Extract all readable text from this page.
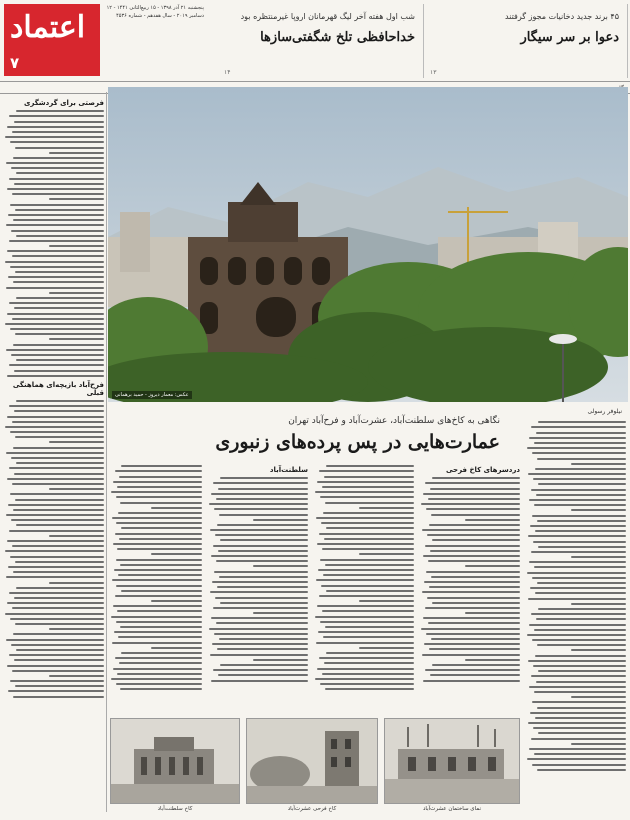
اعتماد
۷
پنجشنبه ۲۱ آذر ۱۳۹۸ - ۱۵ ربیع‌الثانی ۱۴۴۱ - ۱۲ دسامبر ۲۰۱۹ - سال هفدهم - شماره ۴۵۳۶	شب اول هفته آخر لیگ قهرمانان اروپا غیرمنتظره بود
خداحافظی تلخ شگفتی‌سازها
۱۴
۴۵ برند جدید دخانیات مجوز گرفتند
دعوا بر سر سیگار
۱۳
عکس: معمار دیروز - حمید برهمانی
فرصتی برای گردشگری
فرح‌آباد بازیچه‌ای هماهنگی قبلی
نیلوفر رسولی
نگاهی به کاخ‌های سلطنت‌آباد، عشرت‌آباد و فرح‌آباد تهران
عمارت‌هایی در پس پرده‌های زنبوری
دردسرهای کاخ فرحی
سلطنت‌آباد
کاخ سلطنت‌آباد	کاخ فرحی عشرت‌آباد	نمای ساختمان عشرت‌آباد
